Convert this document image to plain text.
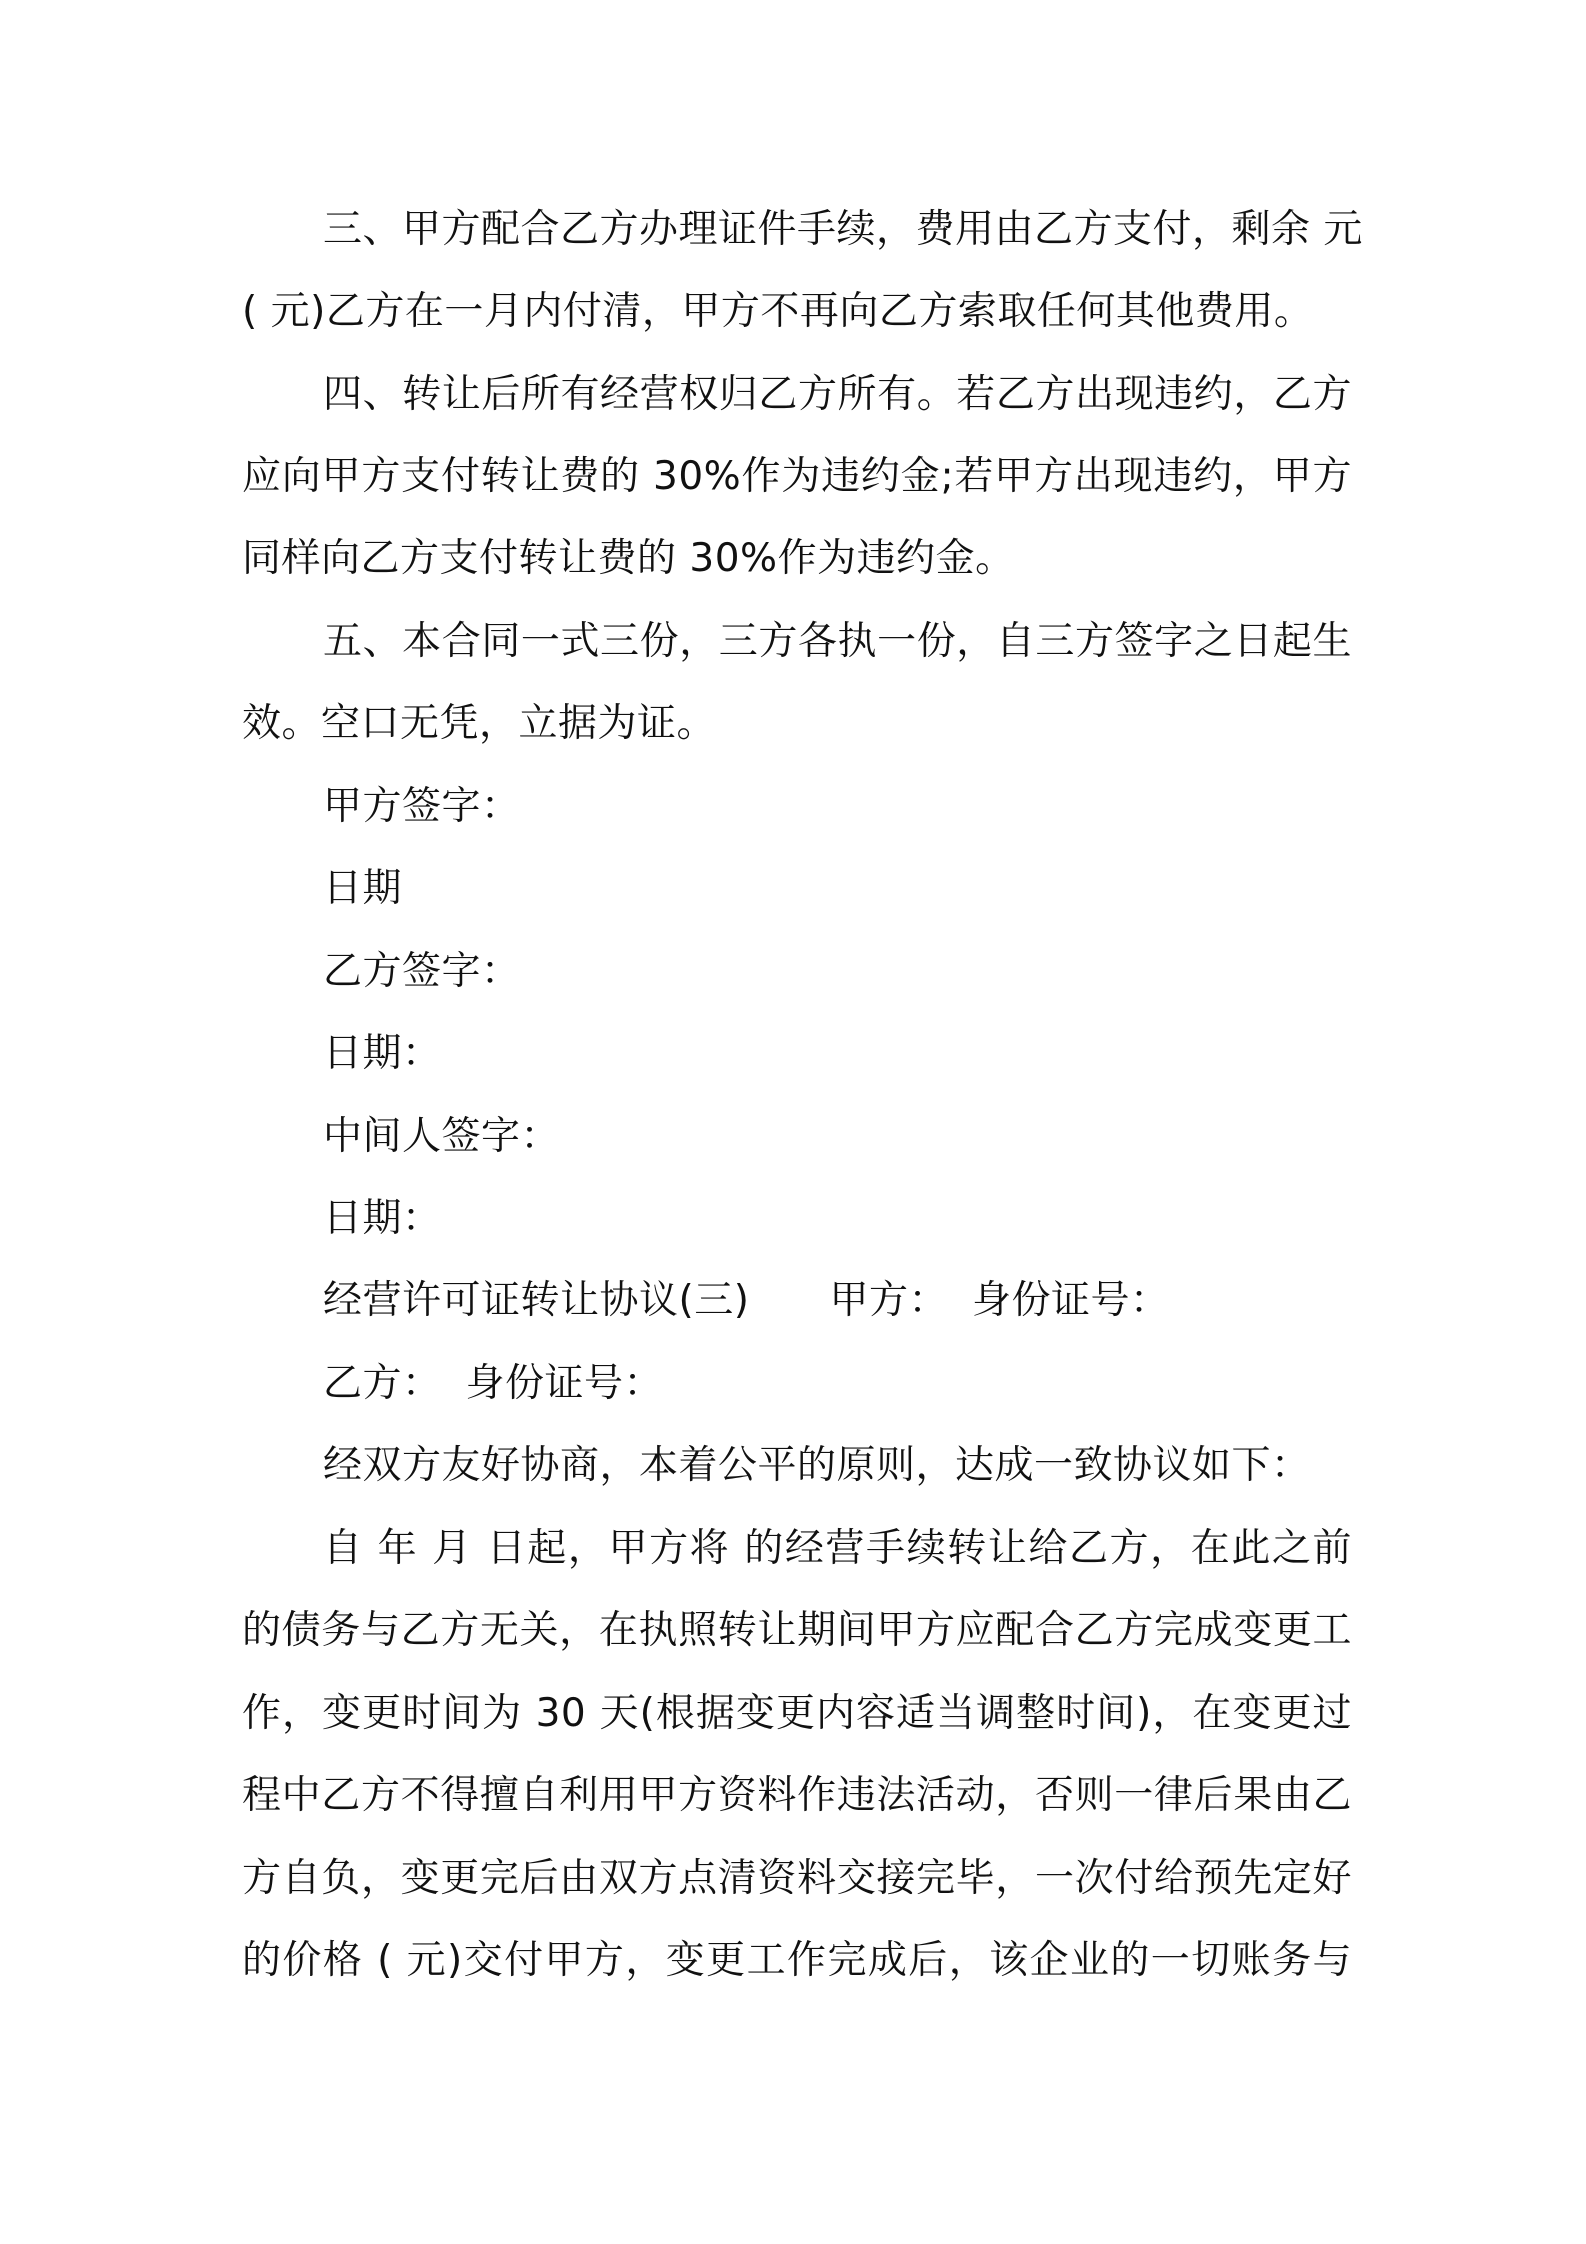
三、甲方配合乙方办理证件手续，费用由乙方支付，剩余 元
( 元)乙方在一月内付清，甲方不再向乙方索取任何其他费用。
四、转让后所有经营权归乙方所有。若乙方出现违约，乙方
应向甲方支付转让费的 30%作为违约金;若甲方出现违约，甲方
同样向乙方支付转让费的 30%作为违约金。
五、本合同一式三份，三方各执一份，自三方签字之日起生
效。空口无凭，立据为证。
甲方签字：
日期
乙方签字：
日期：
中间人签字：
日期：
经营许可证转让协议(三) 甲方： 身份证号：
乙方： 身份证号：
经双方友好协商，本着公平的原则，达成一致协议如下：
自 年 月 日起，甲方将 的经营手续转让给乙方，在此之前
的债务与乙方无关，在执照转让期间甲方应配合乙方完成变更工
作，变更时间为 30 天(根据变更内容适当调整时间)，在变更过
程中乙方不得擅自利用甲方资料作违法活动，否则一律后果由乙
方自负，变更完后由双方点清资料交接完毕，一次付给预先定好
的价格 ( 元)交付甲方，变更工作完成后，该企业的一切账务与
